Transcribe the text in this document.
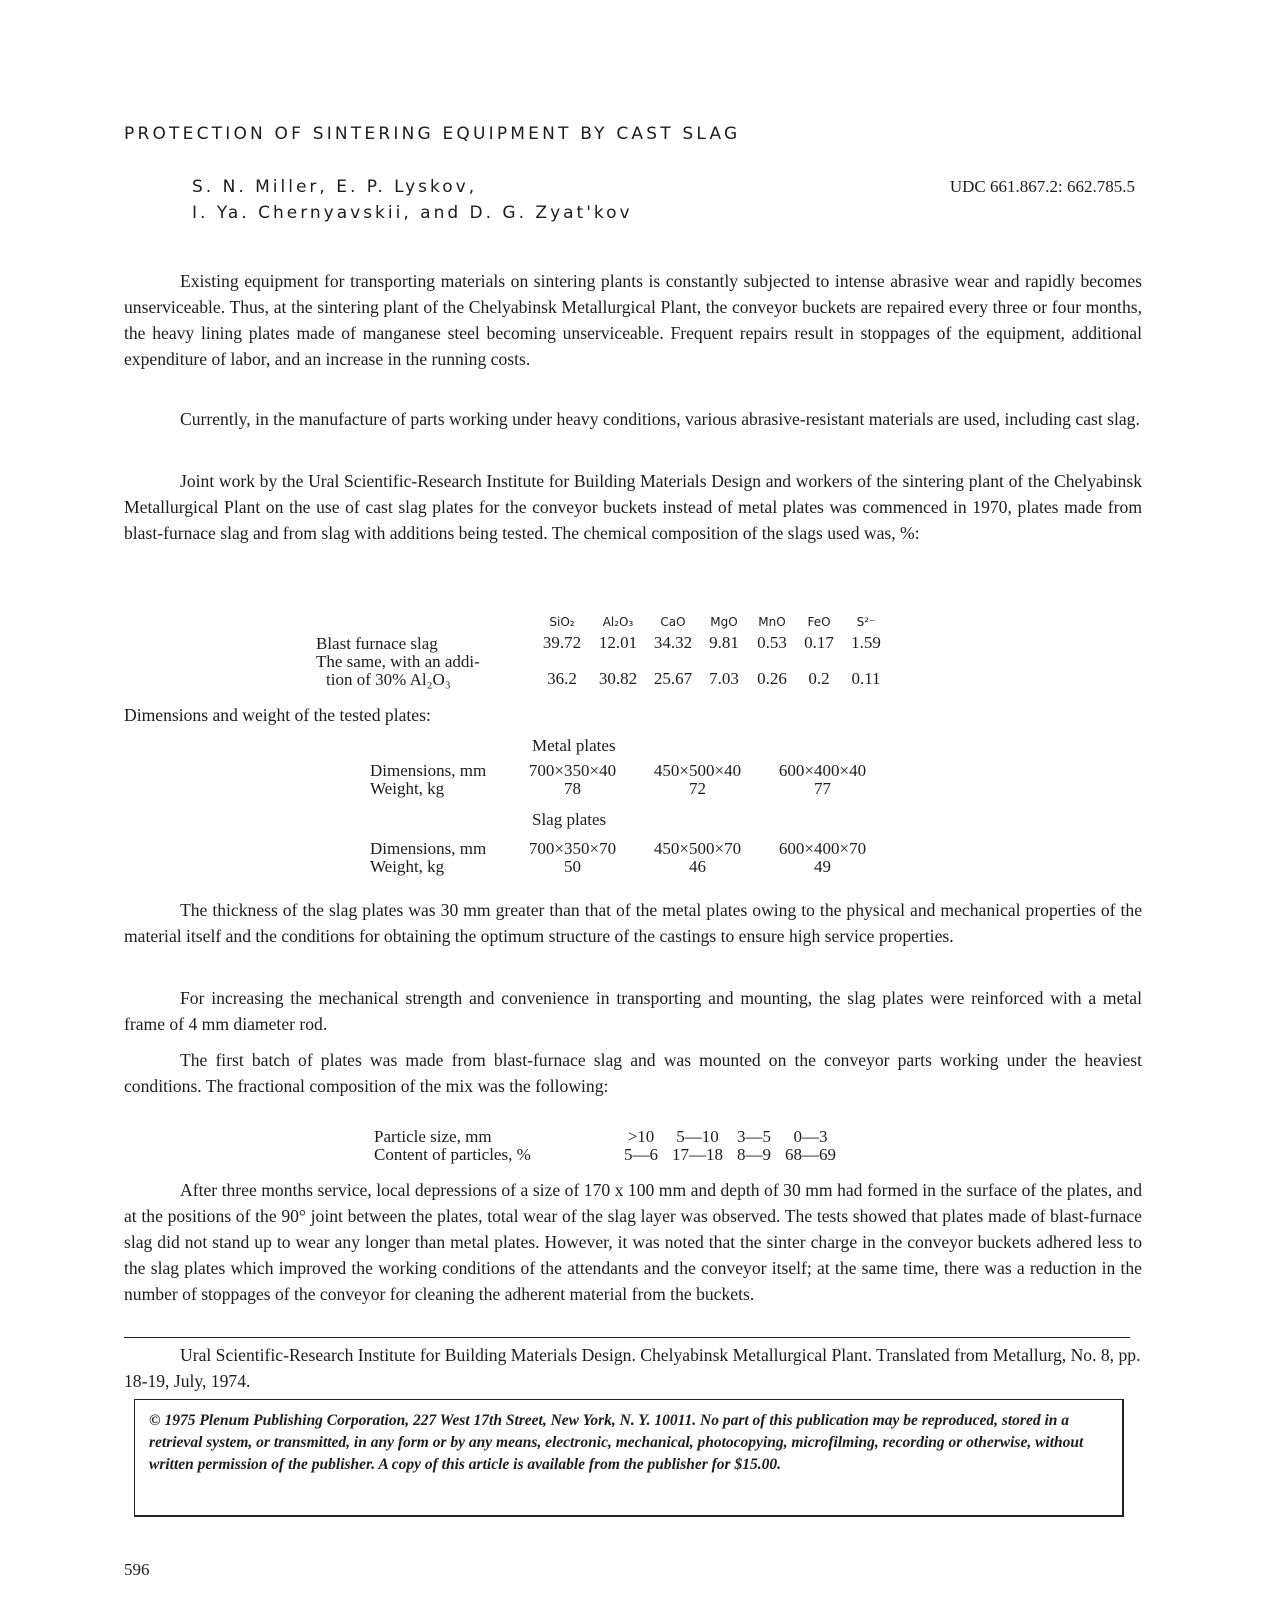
PROTECTION OF SINTERING EQUIPMENT BY CAST SLAG
S. N. Miller, E. P. Lyskov,
I. Ya. Chernyavskii, and D. G. Zyat'kov
UDC 661.867.2: 662.785.5

Existing equipment for transporting materials on sintering plants is constantly subjected to intense abrasive wear and rapidly becomes unserviceable. Thus, at the sintering plant of the Chelyabinsk Metallurgical Plant, the conveyor buckets are repaired every three or four months, the heavy lining plates made of manganese steel becoming unserviceable. Frequent repairs result in stoppages of the equipment, additional expenditure of labor, and an increase in the running costs.

Currently, in the manufacture of parts working under heavy conditions, various abrasive-resistant materials are used, including cast slag.

Joint work by the Ural Scientific-Research Institute for Building Materials Design and workers of the sintering plant of the Chelyabinsk Metallurgical Plant on the use of cast slag plates for the conveyor buckets instead of metal plates was commenced in 1970, plates made from blast-furnace slag and from slag with additions being tested. The chemical composition of the slags used was, %:

	SiO₂	Al₂O₃	CaO	MgO	MnO	FeO	S²⁻
Blast furnace slag	39.72	12.01	34.32	9.81	0.53	0.17	1.59

The same, with an addi-
tion of 30% Al₂O₃	36.2	30.82	25.67	7.03	0.26	0.2	0.11

Dimensions and weight of the tested plates:

Metal plates
Dimensions, mm	700×350×40	450×500×40	600×400×40
Weight, kg	78	72	77
Slag plates
Dimensions, mm	700×350×70	450×500×70	600×400×70
Weight, kg	50	46	49

The thickness of the slag plates was 30 mm greater than that of the metal plates owing to the physical and mechanical properties of the material itself and the conditions for obtaining the optimum structure of the castings to ensure high service properties.

For increasing the mechanical strength and convenience in transporting and mounting, the slag plates were reinforced with a metal frame of 4 mm diameter rod.

The first batch of plates was made from blast-furnace slag and was mounted on the conveyor parts working under the heaviest conditions. The fractional composition of the mix was the following:

Particle size, mm	>10	5—10	3—5	0—3
Content of particles, %	5—6	17—18	8—9	68—69

After three months service, local depressions of a size of 170 x 100 mm and depth of 30 mm had formed in the surface of the plates, and at the positions of the 90° joint between the plates, total wear of the slag layer was observed. The tests showed that plates made of blast-furnace slag did not stand up to wear any longer than metal plates. However, it was noted that the sinter charge in the conveyor buckets adhered less to the slag plates which improved the working conditions of the attendants and the conveyor itself; at the same time, there was a reduction in the number of stoppages of the conveyor for cleaning the adherent material from the buckets.

Ural Scientific-Research Institute for Building Materials Design. Chelyabinsk Metallurgical Plant. Translated from Metallurg, No. 8, pp. 18-19, July, 1974.

© 1975 Plenum Publishing Corporation, 227 West 17th Street, New York, N. Y. 10011. No part of this publication may be reproduced, stored in a retrieval system, or transmitted, in any form or by any means, electronic, mechanical, photocopying, microfilming, recording or otherwise, without written permission of the publisher. A copy of this article is available from the publisher for $15.00.
596
